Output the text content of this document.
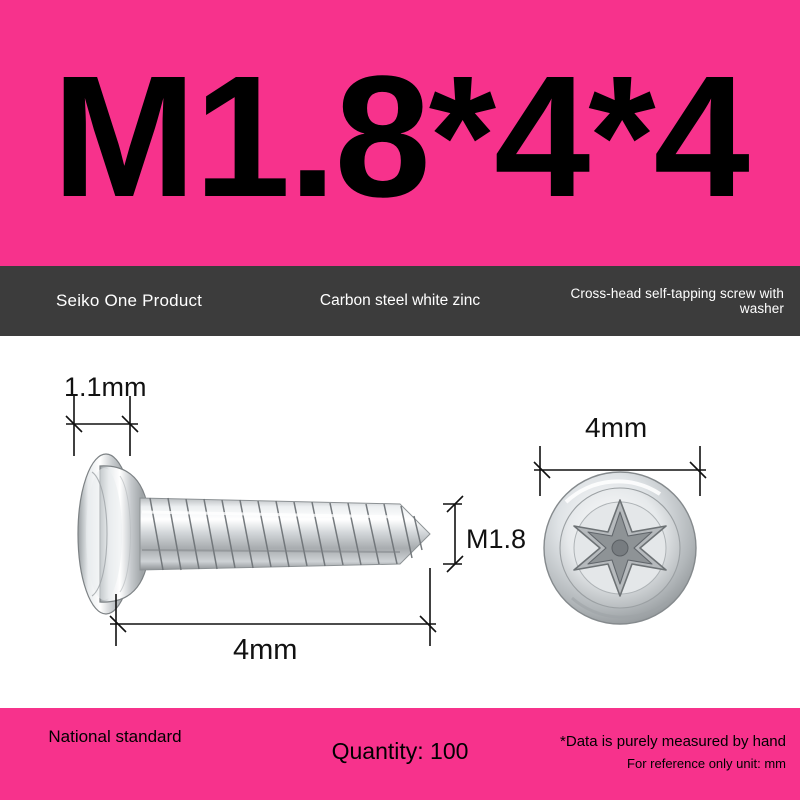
M1.8*4*4
Seiko One Product	Carbon steel white zinc	Cross-head self-tapping screw with washer
1.1mm
4mm
M1.8
4mm
National standard
Quantity: 100	*Data is purely measured by hand
For reference only unit: mm
